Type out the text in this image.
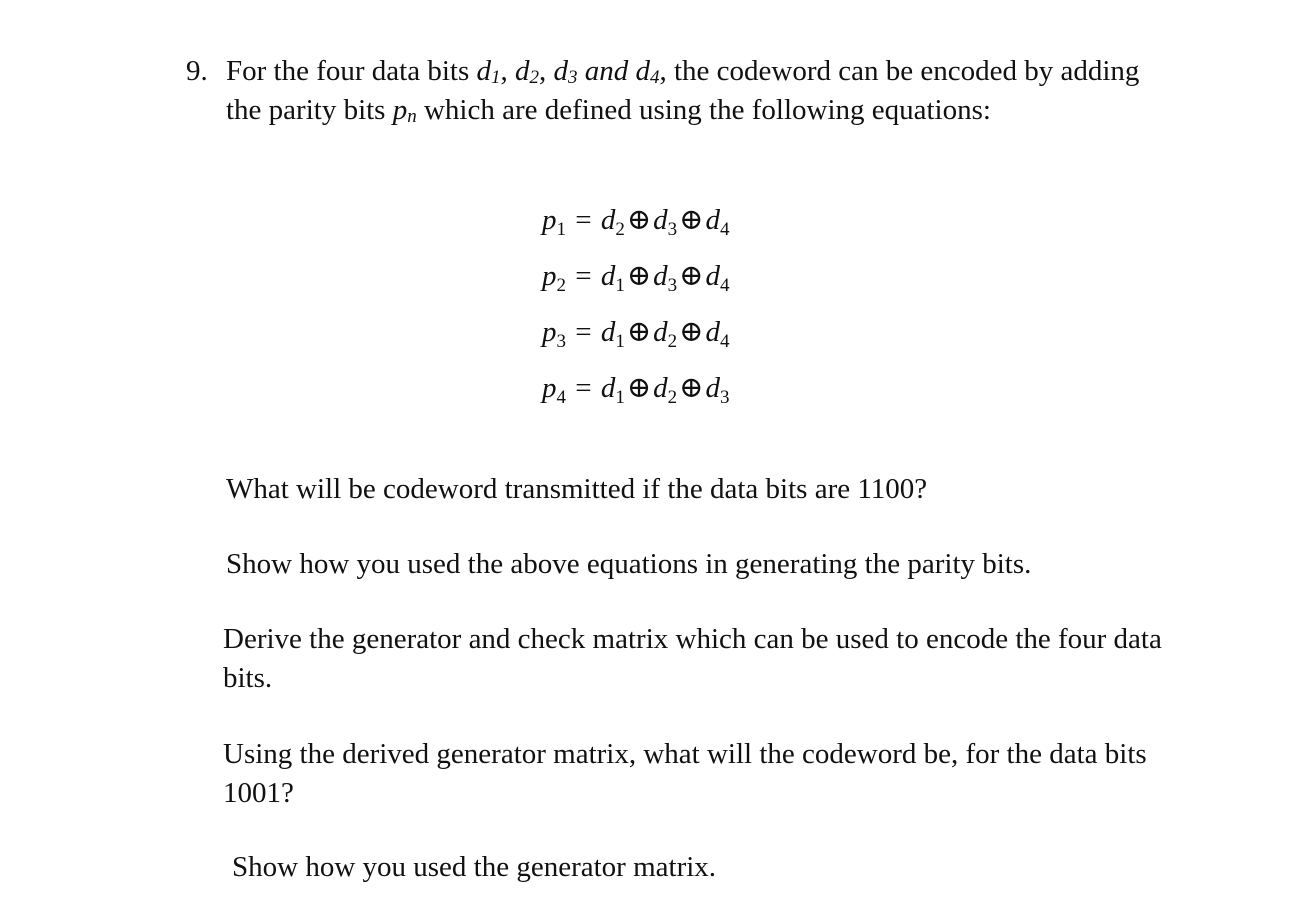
9. For the four data bits $d_1$, $d_2$, $d_3$ and $d_4$, the codeword can be encoded by adding the parity bits $p_n$ which are defined using the following equations:
$p_1$ = $d_2\oplus d_3\oplus d_4$
$p_2$ = $d_1\oplus d_3\oplus d_4$
$p_3$ = $d_1\oplus d_2\oplus d_4$
$p_4$ = $d_1\oplus d_2\oplus d_3$
What will be codeword transmitted if the data bits are 1100?
Show how you used the above equations in generating the parity bits.
Derive the generator and check matrix which can be used to encode the four data bits.
Using the derived generator matrix, what will the codeword be, for the data bits 1001?
Show how you used the generator matrix.
